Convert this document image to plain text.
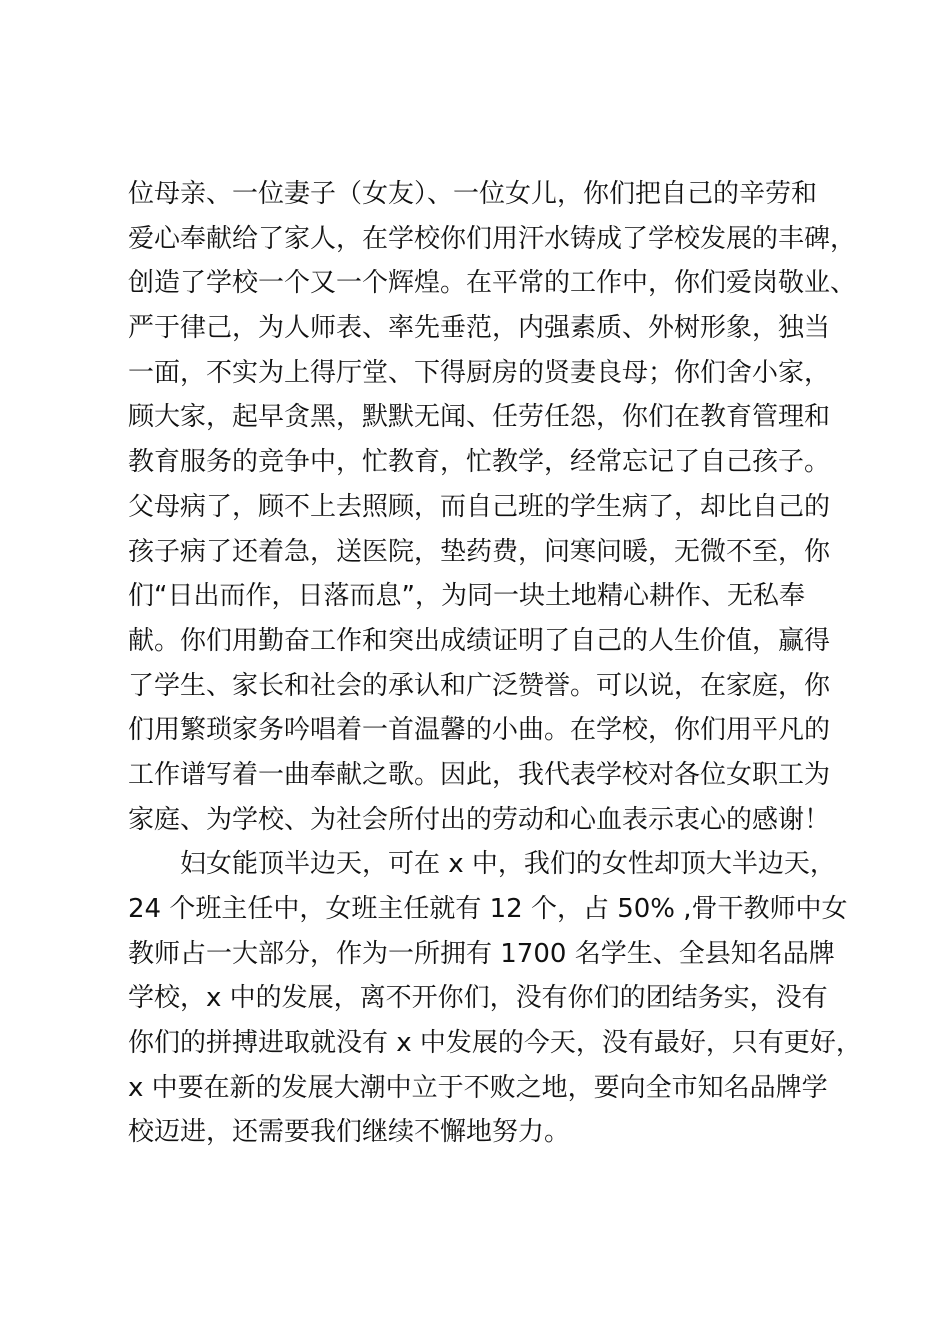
位母亲、一位妻子（女友）、一位女儿，你们把自己的辛劳和
爱心奉献给了家人，在学校你们用汗水铸成了学校发展的丰碑，
创造了学校一个又一个辉煌。在平常的工作中，你们爱岗敬业、
严于律己，为人师表、率先垂范，内强素质、外树形象，独当
一面，不实为上得厅堂、下得厨房的贤妻良母；你们舍小家，
顾大家，起早贪黑，默默无闻、任劳任怨，你们在教育管理和
教育服务的竞争中，忙教育，忙教学，经常忘记了自己孩子。
父母病了，顾不上去照顾，而自己班的学生病了，却比自己的
孩子病了还着急，送医院，垫药费，问寒问暖，无微不至，你
们“日出而作，日落而息”，为同一块土地精心耕作、无私奉
献。你们用勤奋工作和突出成绩证明了自己的人生价值，赢得
了学生、家长和社会的承认和广泛赞誉。可以说，在家庭，你
们用繁琐家务吟唱着一首温馨的小曲。在学校，你们用平凡的
工作谱写着一曲奉献之歌。因此，我代表学校对各位女职工为
家庭、为学校、为社会所付出的劳动和心血表示衷心的感谢！
妇女能顶半边天，可在 x 中，我们的女性却顶大半边天，
24 个班主任中，女班主任就有 12 个，占 50% ,骨干教师中女
教师占一大部分，作为一所拥有 1700 名学生、全县知名品牌
学校，x 中的发展，离不开你们，没有你们的团结务实，没有
你们的拼搏进取就没有 x 中发展的今天，没有最好，只有更好，
x 中要在新的发展大潮中立于不败之地，要向全市知名品牌学
校迈进，还需要我们继续不懈地努力。
